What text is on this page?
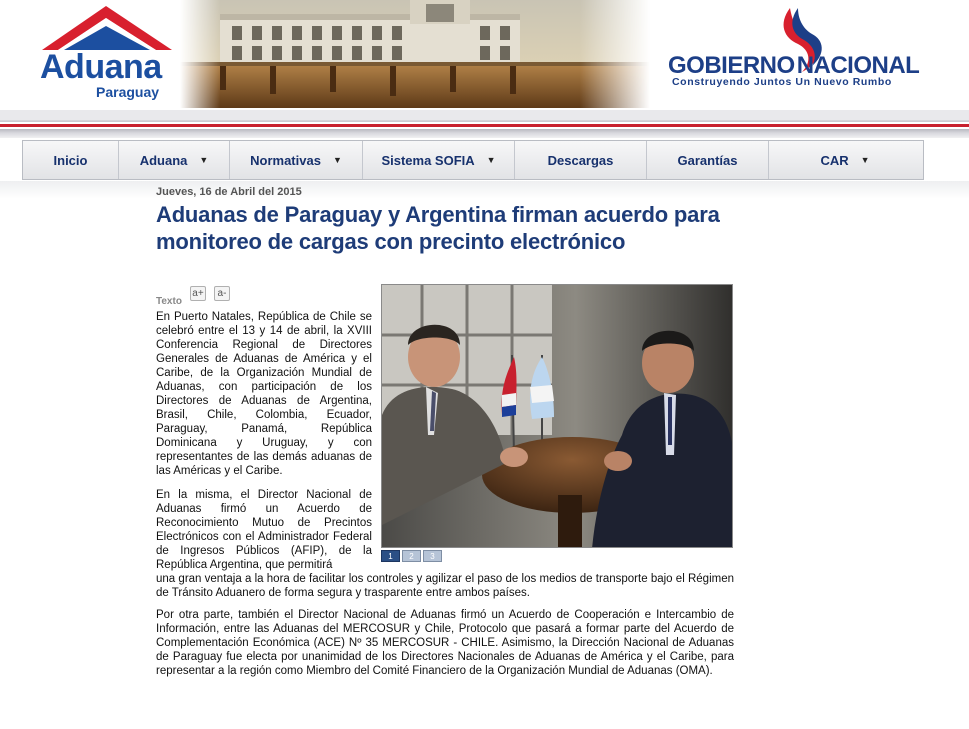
Aduana
Paraguay
GOBIERNONACIONAL
Construyendo Juntos Un Nuevo Rumbo
Inicio	Aduana ▼	Normativas ▼	Sistema SOFIA ▼	Descargas	Garantías	CAR ▼
Jueves, 16 de Abril del 2015
Aduanas de Paraguay y Argentina firman acuerdo para monitoreo de cargas con precinto electrónico
Texto
a+	a-
1	2	3

En Puerto Natales, República de Chile se celebró entre el 13 y 14 de abril, la XVIII Conferencia Regional de Directores Generales de Aduanas de América y el Caribe, de la Organización Mundial de Aduanas, con participación de los Directores de Aduanas de Argentina, Brasil, Chile, Colombia, Ecuador, Paraguay, Panamá, República Dominicana y Uruguay, y con representantes de las demás aduanas de las Américas y el Caribe.

En la misma, el Director Nacional de Aduanas firmó un Acuerdo de Reconocimiento Mutuo de Precintos Electrónicos con el Administrador Federal de Ingresos Públicos (AFIP), de la República Argentina, que permitirá

una gran ventaja a la hora de facilitar los controles y agilizar el paso de los medios de transporte bajo el Régimen de Tránsito Aduanero de forma segura y trasparente entre ambos países.

Por otra parte, también el Director Nacional de Aduanas firmó un Acuerdo de Cooperación e Intercambio de Información, entre las Aduanas del MERCOSUR y Chile, Protocolo que pasará a formar parte del Acuerdo de Complementación Económica (ACE) Nº 35 MERCOSUR - CHILE. Asimismo, la Dirección Nacional de Aduanas de Paraguay fue electa por unanimidad de los Directores Nacionales de Aduanas de América y el Caribe, para representar a la región como Miembro del Comité Financiero de la Organización Mundial de Aduanas (OMA).
